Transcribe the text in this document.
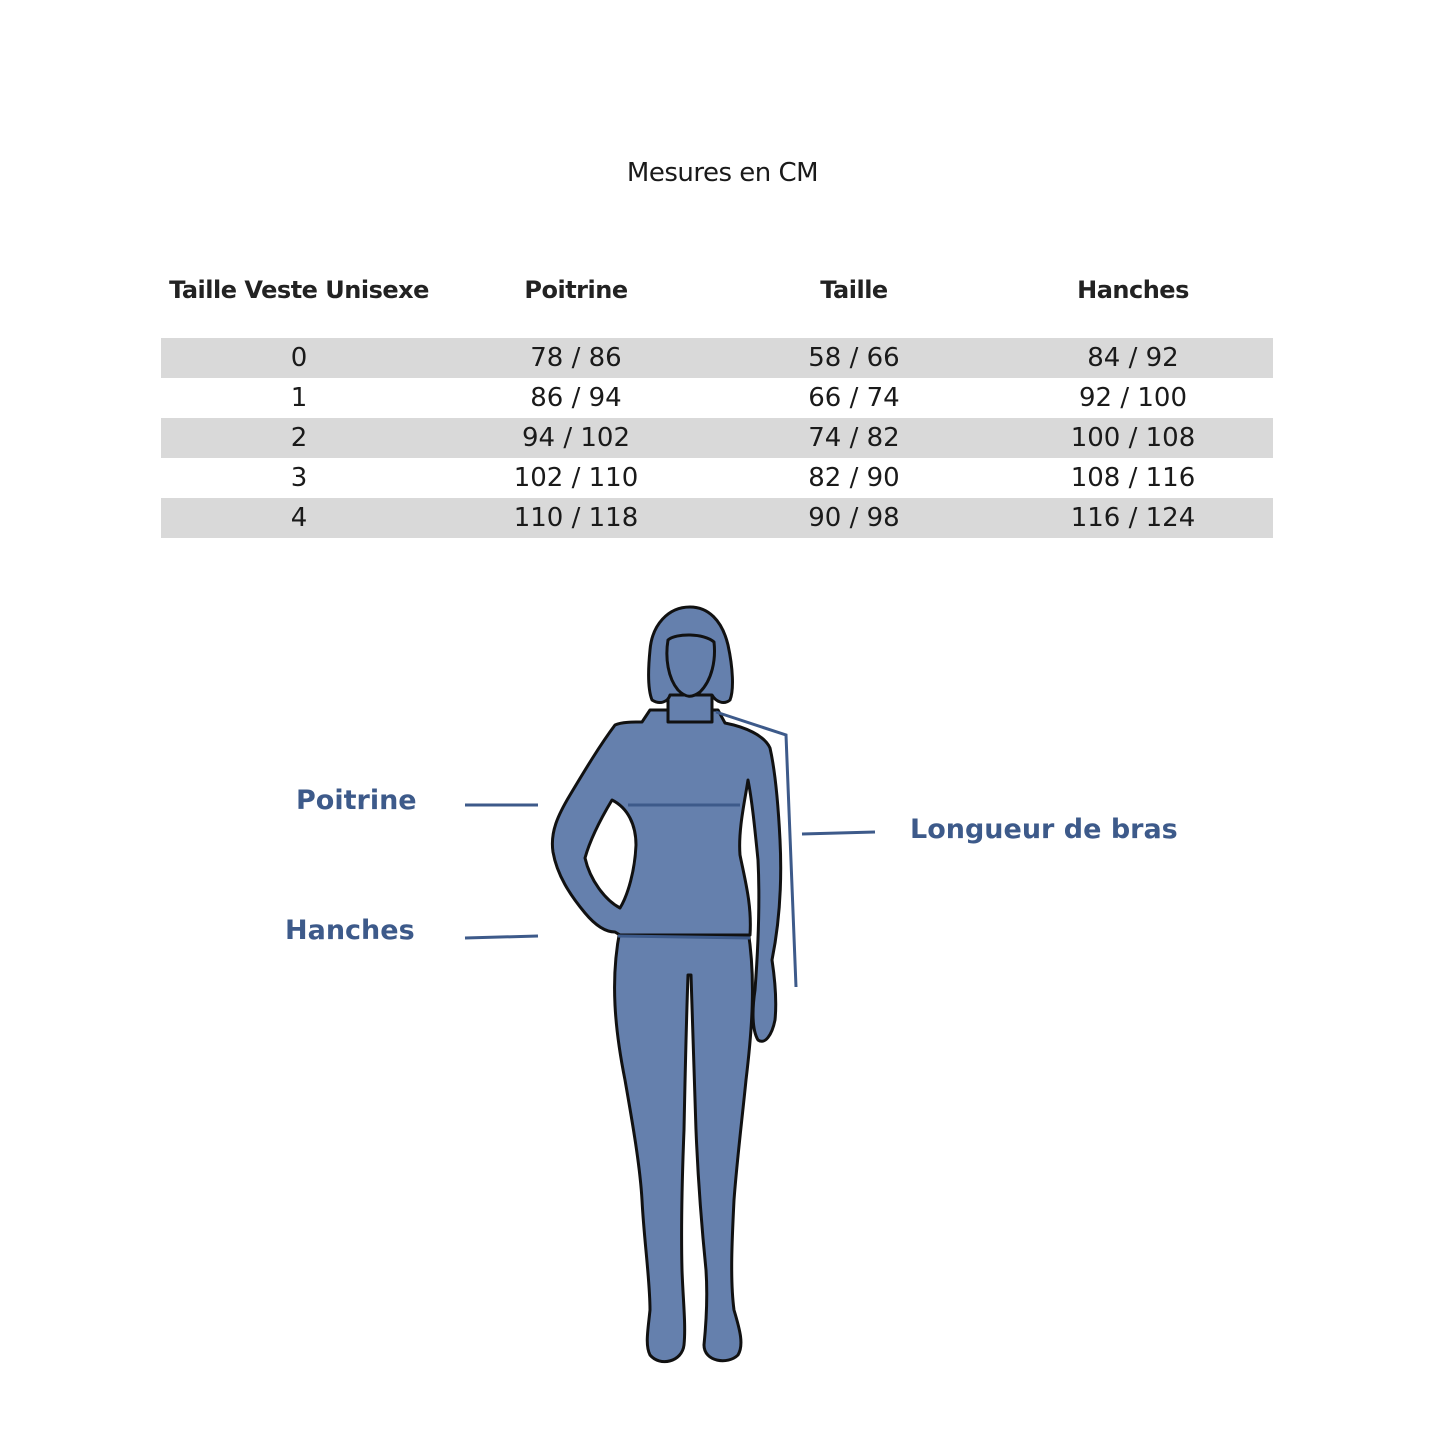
Mesures en CM
Taille Veste Unisexe	Poitrine	Taille	Hanches
0	78 / 86	58 / 66	84 / 92
1	86 / 94	66 / 74	92 / 100
2	94 / 102	74 / 82	100 / 108
3	102 / 110	82 / 90	108 / 116
4	110 / 118	90 / 98	116 / 124
Poitrine
Hanches
Longueur de bras
